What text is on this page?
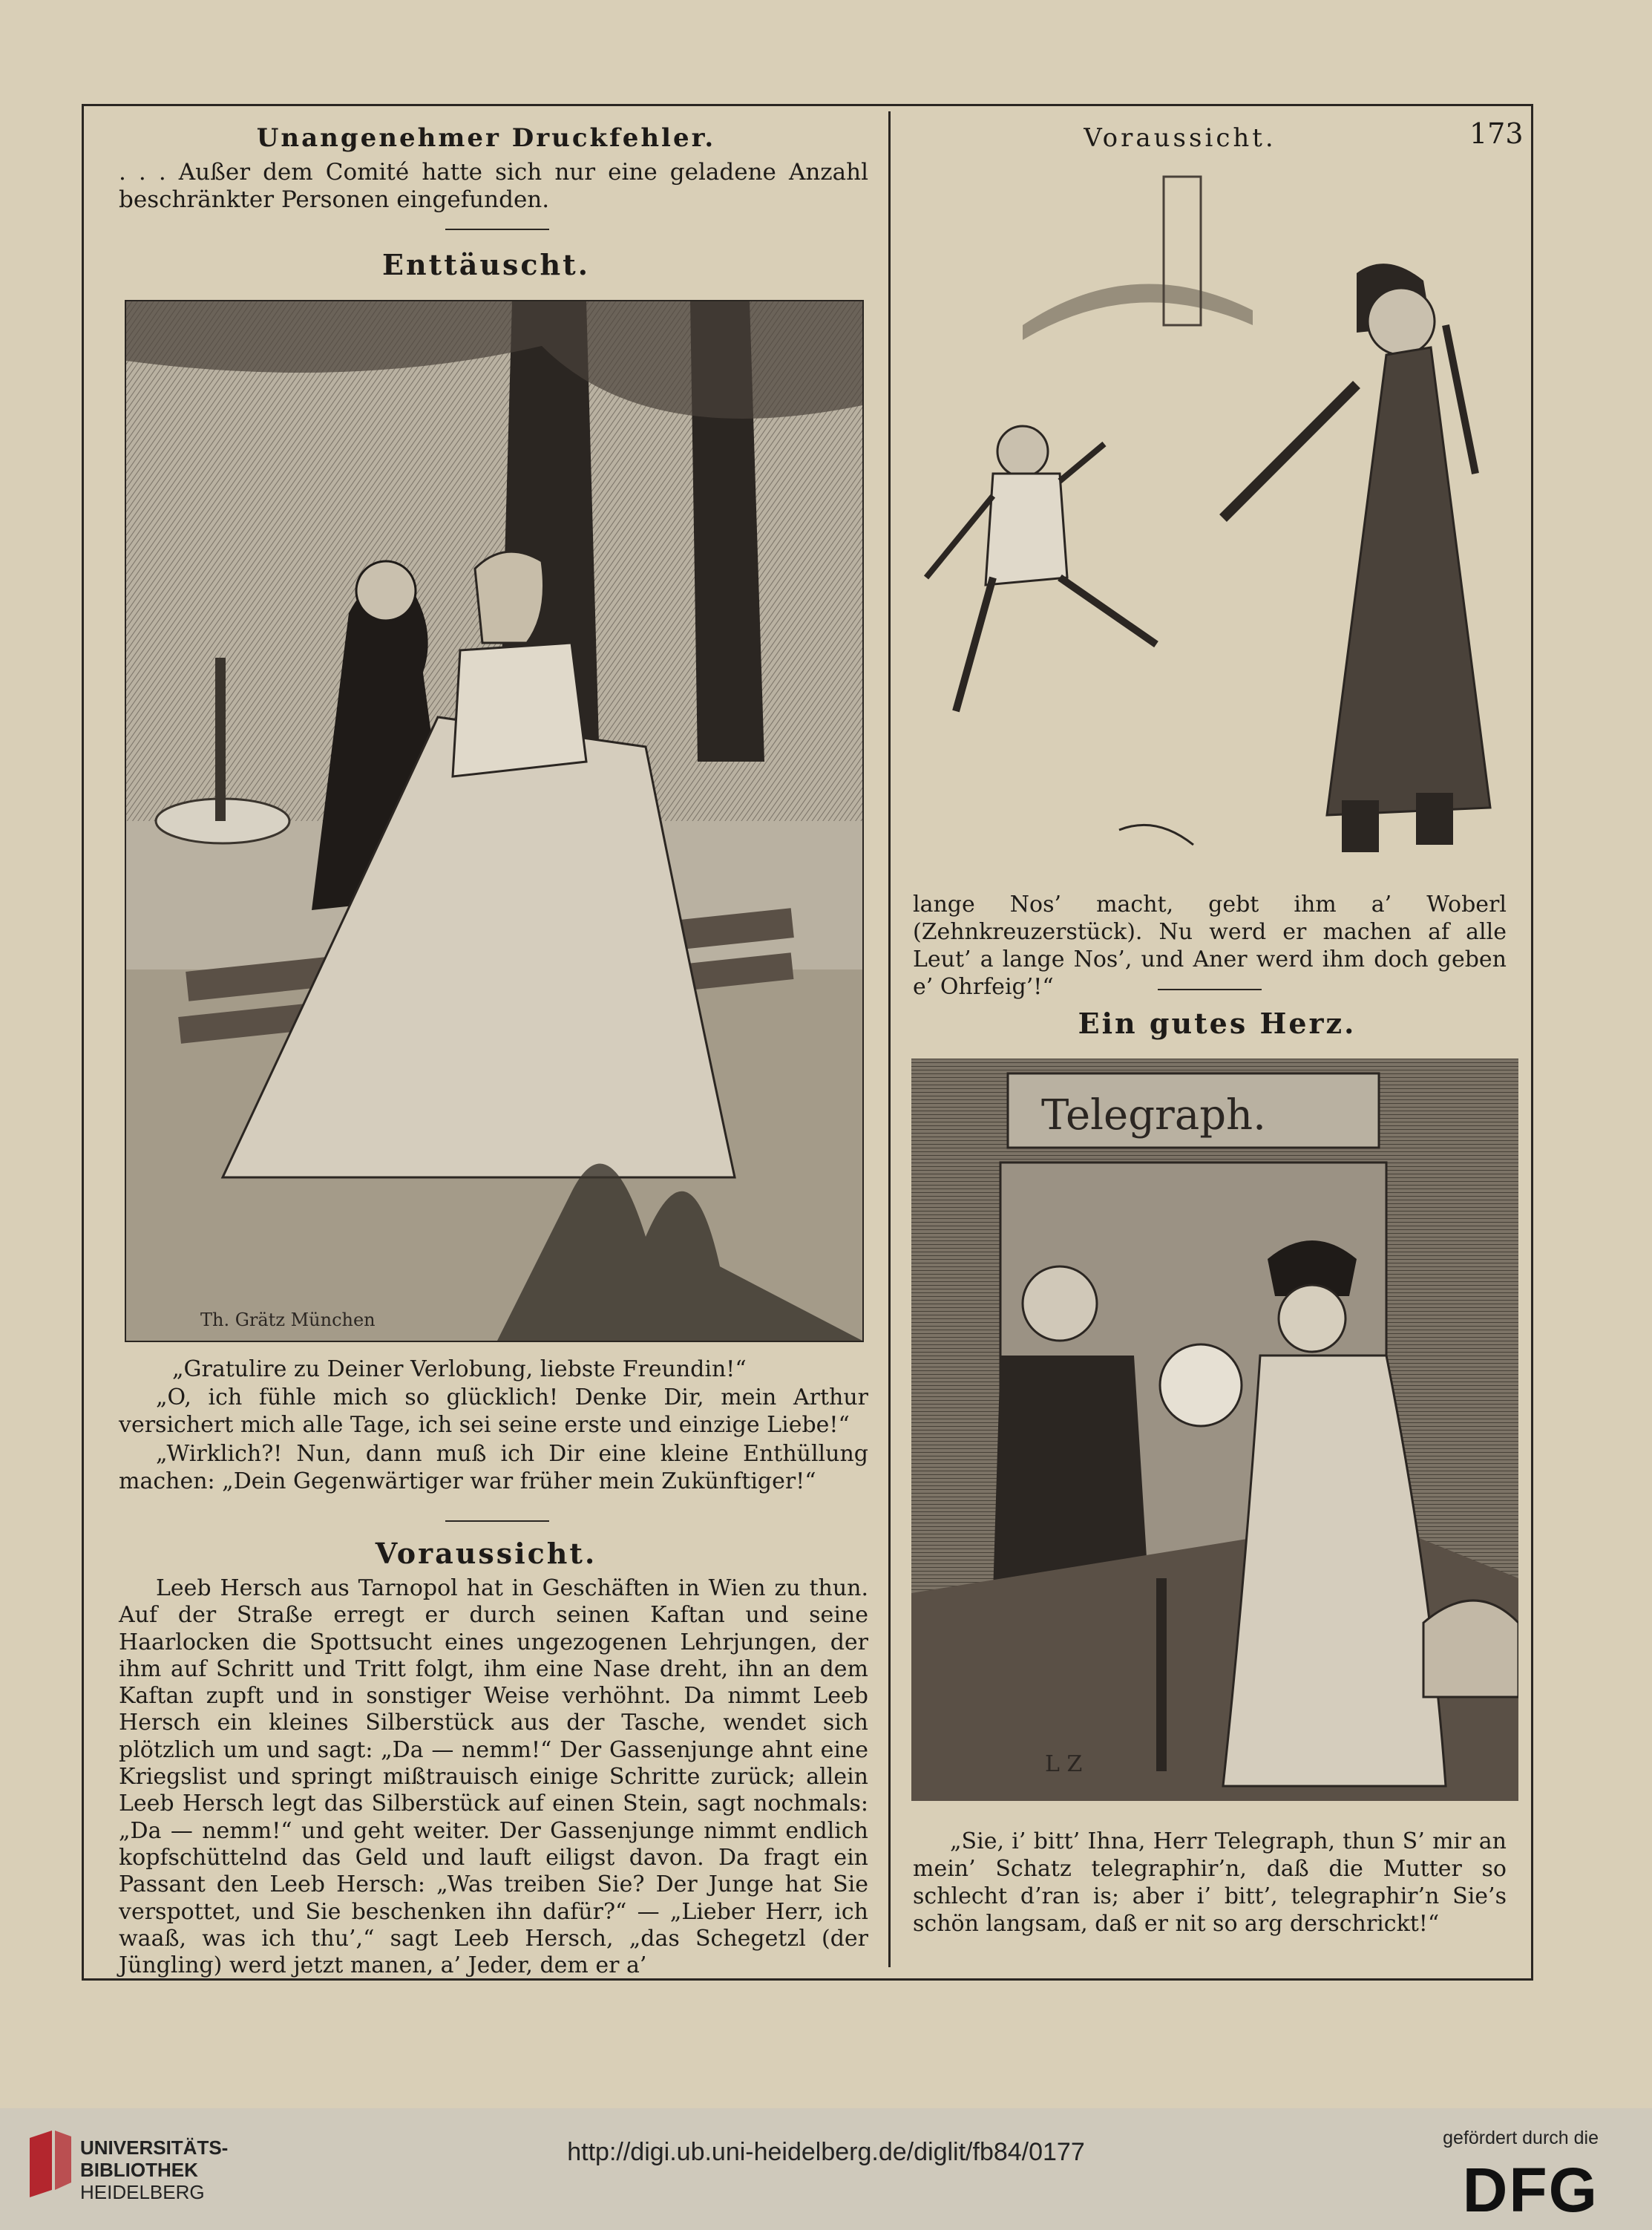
173
Unangenehmer Druckfehler.
. . . Außer dem Comité hatte sich nur eine geladene Anzahl beschränkter Personen eingefunden.
Enttäuscht.
Th. Grätz München
„Gratulire zu Deiner Verlobung, liebste Freundin!“

„O, ich fühle mich so glücklich! Denke Dir, mein Arthur versichert mich alle Tage, ich sei seine erste und einzige Liebe!“

„Wirklich?! Nun, dann muß ich Dir eine kleine Enthüllung machen: „Dein Gegenwärtiger war früher mein Zukünftiger!“

Voraussicht.

Leeb Hersch aus Tarnopol hat in Geschäften in Wien zu thun. Auf der Straße erregt er durch seinen Kaftan und seine Haarlocken die Spottsucht eines ungezogenen Lehrjungen, der ihm auf Schritt und Tritt folgt, ihm eine Nase dreht, ihn an dem Kaftan zupft und in sonstiger Weise verhöhnt. Da nimmt Leeb Hersch ein kleines Silberstück aus der Tasche, wendet sich plötzlich um und sagt: „Da — nemm!“ Der Gassenjunge ahnt eine Kriegslist und springt mißtrauisch einige Schritte zurück; allein Leeb Hersch legt das Silberstück auf einen Stein, sagt nochmals: „Da — nemm!“ und geht weiter. Der Gassenjunge nimmt endlich kopfschüttelnd das Geld und lauft eiligst davon. Da fragt ein Passant den Leeb Hersch: „Was treiben Sie? Der Junge hat Sie verspottet, und Sie beschenken ihn dafür?“ — „Lieber Herr, ich waaß, was ich thu’,“ sagt Leeb Hersch, „das Schegetzl (der Jüngling) werd jetzt manen, a’ Jeder, dem er a’

Voraussicht.
lange Nos’ macht, gebt ihm a’ Woberl (Zehnkreuzerstück). Nu werd er machen af alle Leut’ a lange Nos’, und Aner werd ihm doch geben e’ Ohrfeig’!“
Ein gutes Herz.
Telegraph.
L Z

„Sie, i’ bitt’ Ihna, Herr Telegraph, thun S’ mir an mein’ Schatz telegraphir’n, daß die Mutter so schlecht d’ran is; aber i’ bitt’, telegraphir’n Sie’s schön langsam, daß er nit so arg derschrickt!“

UNIVERSITÄTS-
BIBLIOTHEK
HEIDELBERG
http://digi.ub.uni-heidelberg.de/diglit/fb84/0177	gefördert durch die
DFG
